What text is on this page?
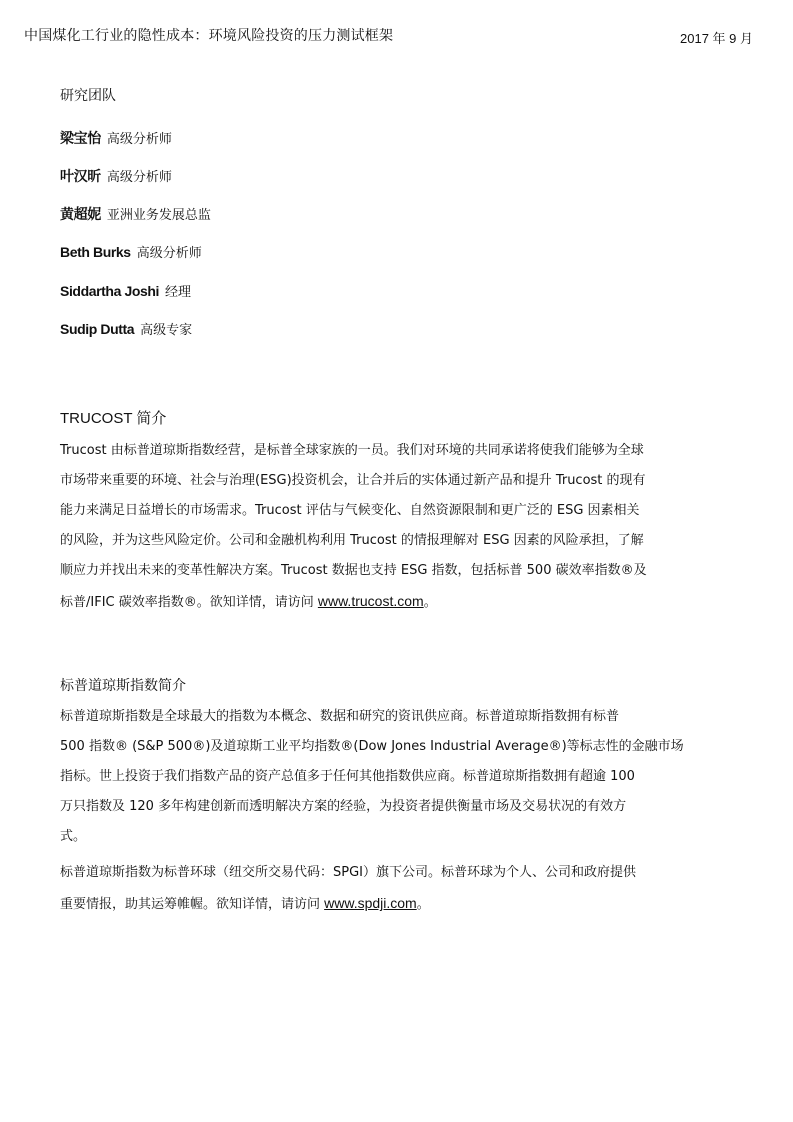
中国煤化工行业的隐性成本：环境风险投资的压力测试框架	2017 年 9 月
研究团队
梁宝怡 高级分析师
叶汉昕 高级分析师
黄超妮 亚洲业务发展总监
Beth Burks 高级分析师
Siddartha Joshi 经理
Sudip Dutta 高级专家
TRUCOST 简介
Trucost 由标普道琼斯指数经营，是标普全球家族的一员。我们对环境的共同承诺将使我们能够为全球
市场带来重要的环境、社会与治理(ESG)投资机会，让合并后的实体通过新产品和提升 Trucost 的现有
能力来满足日益增长的市场需求。Trucost 评估与气候变化、自然资源限制和更广泛的 ESG 因素相关
的风险，并为这些风险定价。公司和金融机构利用 Trucost 的情报理解对 ESG 因素的风险承担，了解
顺应力并找出未来的变革性解决方案。Trucost 数据也支持 ESG 指数，包括标普 500 碳效率指数®及
标普/IFIC 碳效率指数®。欲知详情，请访问 www.trucost.com。
标普道琼斯指数简介
标普道琼斯指数是全球最大的指数为本概念、数据和研究的资讯供应商。标普道琼斯指数拥有标普
500 指数® (S&P 500®)及道琼斯工业平均指数®(Dow Jones Industrial Average®)等标志性的金融市场
指标。世上投资于我们指数产品的资产总值多于任何其他指数供应商。标普道琼斯指数拥有超逾 100
万只指数及 120 多年构建创新而透明解决方案的经验，为投资者提供衡量市场及交易状况的有效方
式。
标普道琼斯指数为标普环球（纽交所交易代码：SPGI）旗下公司。标普环球为个人、公司和政府提供
重要情报，助其运筹帷幄。欲知详情，请访问 www.spdji.com。
